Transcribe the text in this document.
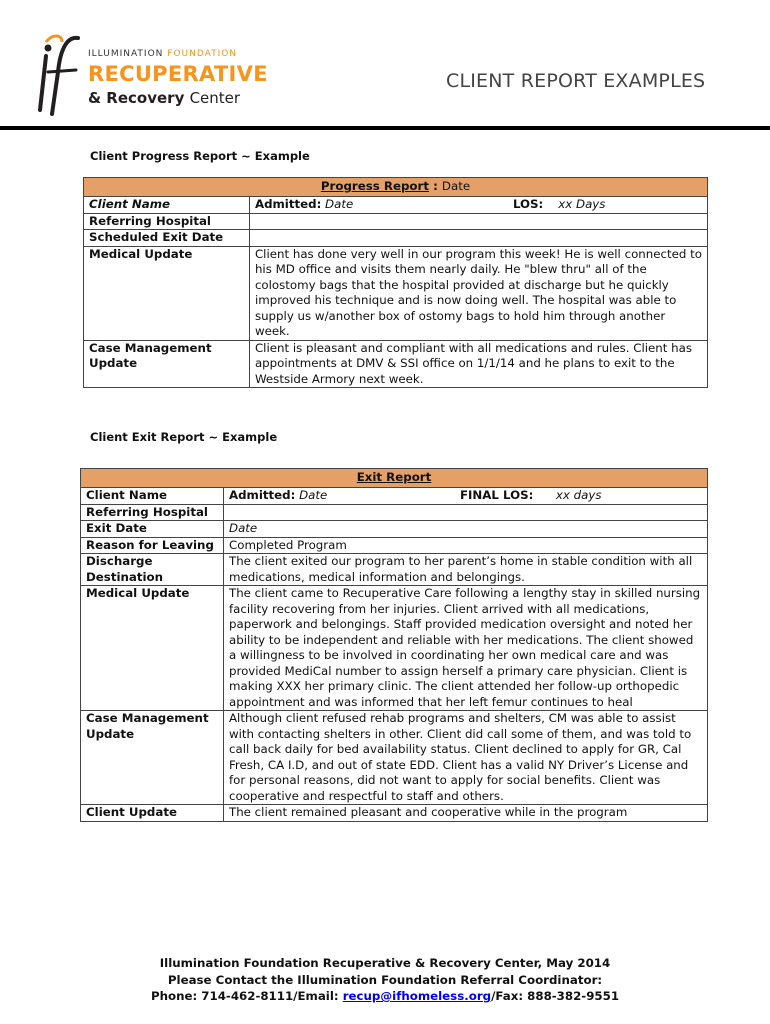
ILLUMINATION FOUNDATION
RECUPERATIVE
& Recovery Center
CLIENT REPORT EXAMPLES
Client Progress Report ~ Example
Progress Report : Date	
Client Name	Admitted: Date LOS: xx Days

Referring Hospital	
Scheduled Exit Date	
Medical Update	Client has done very well in our program this week! He is well connected to his MD office and visits them nearly daily. He "blew thru" all of the colostomy bags that the hospital provided at discharge but he quickly improved his technique and is now doing well. The hospital was able to supply us w/another box of ostomy bags to hold him through another week.
Case Management
Update	Client is pleasant and compliant with all medications and rules. Client has appointments at DMV & SSI office on 1/1/14 and he plans to exit to the Westside Armory next week.
Client Exit Report ~ Example
Exit Report	
Client Name	Admitted: Date FINAL LOS: xx days

Referring Hospital	
Exit Date	Date
Reason for Leaving	Completed Program
Discharge
Destination	The client exited our program to her parent’s home in stable condition with all medications, medical information and belongings.
Medical Update	The client came to Recuperative Care following a lengthy stay in skilled nursing facility recovering from her injuries. Client arrived with all medications, paperwork and belongings. Staff provided medication oversight and noted her ability to be independent and reliable with her medications. The client showed a willingness to be involved in coordinating her own medical care and was provided MediCal number to assign herself a primary care physician. Client is making XXX her primary clinic. The client attended her follow-up orthopedic appointment and was informed that her left femur continues to heal
Case Management
Update	Although client refused rehab programs and shelters, CM was able to assist with contacting shelters in other. Client did call some of them, and was told to call back daily for bed availability status. Client declined to apply for GR, Cal Fresh, CA I.D, and out of state EDD. Client has a valid NY Driver’s License and for personal reasons, did not want to apply for social benefits. Client was cooperative and respectful to staff and others.
Client Update	The client remained pleasant and cooperative while in the program
Illumination Foundation Recuperative & Recovery Center, May 2014
Please Contact the Illumination Foundation Referral Coordinator:
Phone: 714-462-8111/Email: recup@ifhomeless.org/Fax: 888-382-9551
